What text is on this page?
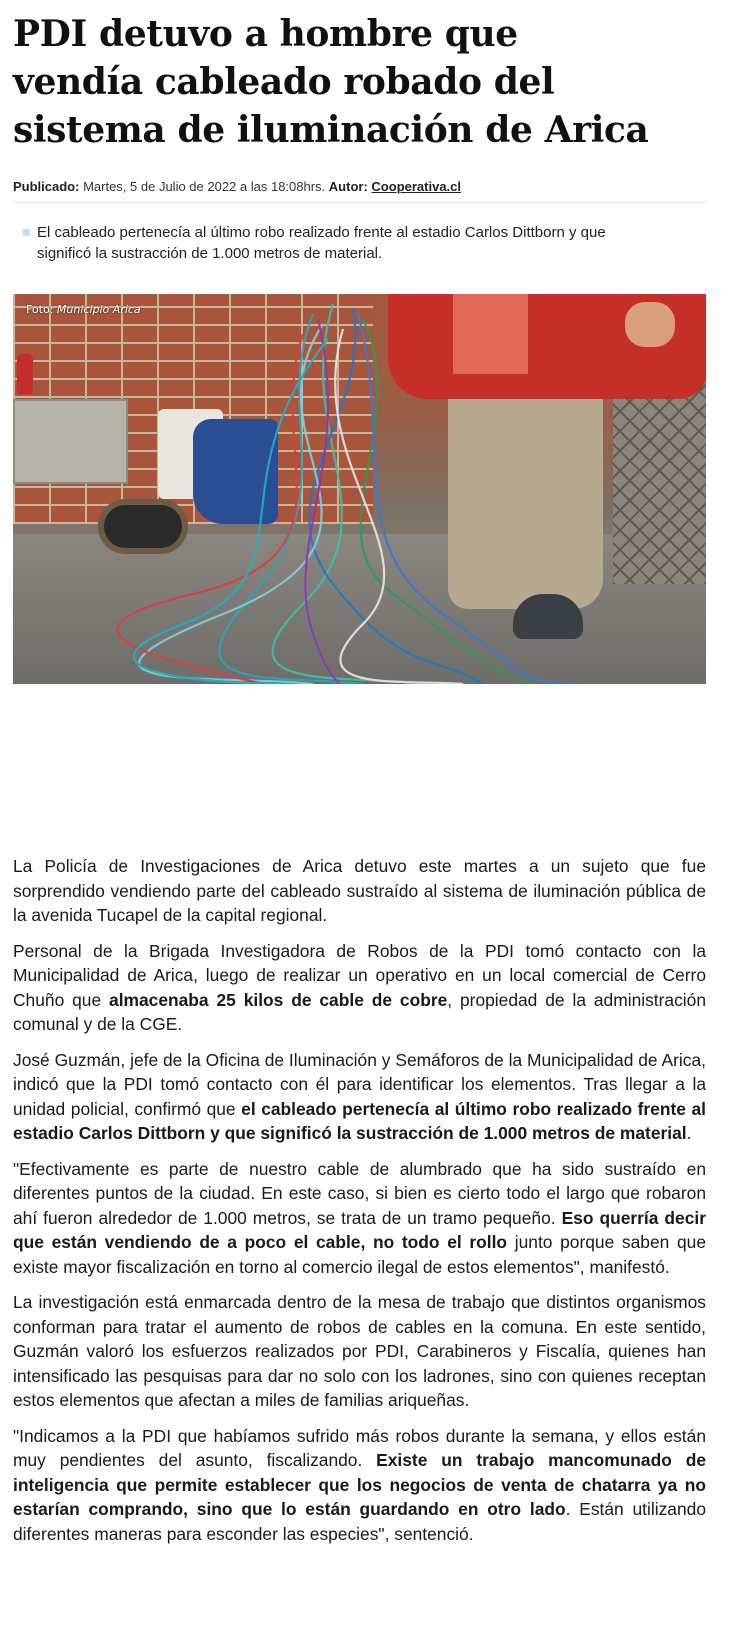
PDI detuvo a hombre que vendía cableado robado del sistema de iluminación de Arica
Publicado: Martes, 5 de Julio de 2022 a las 18:08hrs. Autor: Cooperativa.cl
El cableado pertenecía al último robo realizado frente al estadio Carlos Dittborn y que significó la sustracción de 1.000 metros de material.
Foto: Municipio Arica

La Policía de Investigaciones de Arica detuvo este martes a un sujeto que fue sorprendido vendiendo parte del cableado sustraído al sistema de iluminación pública de la avenida Tucapel de la capital regional.

Personal de la Brigada Investigadora de Robos de la PDI tomó contacto con la Municipalidad de Arica, luego de realizar un operativo en un local comercial de Cerro Chuño que almacenaba 25 kilos de cable de cobre, propiedad de la administración comunal y de la CGE.

José Guzmán, jefe de la Oficina de Iluminación y Semáforos de la Municipalidad de Arica, indicó que la PDI tomó contacto con él para identificar los elementos. Tras llegar a la unidad policial, confirmó que el cableado pertenecía al último robo realizado frente al estadio Carlos Dittborn y que significó la sustracción de 1.000 metros de material.

"Efectivamente es parte de nuestro cable de alumbrado que ha sido sustraído en diferentes puntos de la ciudad. En este caso, si bien es cierto todo el largo que robaron ahí fueron alrededor de 1.000 metros, se trata de un tramo pequeño. Eso querría decir que están vendiendo de a poco el cable, no todo el rollo junto porque saben que existe mayor fiscalización en torno al comercio ilegal de estos elementos", manifestó.

La investigación está enmarcada dentro de la mesa de trabajo que distintos organismos conforman para tratar el aumento de robos de cables en la comuna. En este sentido, Guzmán valoró los esfuerzos realizados por PDI, Carabineros y Fiscalía, quienes han intensificado las pesquisas para dar no solo con los ladrones, sino con quienes receptan estos elementos que afectan a miles de familias ariqueñas.

"Indicamos a la PDI que habíamos sufrido más robos durante la semana, y ellos están muy pendientes del asunto, fiscalizando. Existe un trabajo mancomunado de inteligencia que permite establecer que los negocios de venta de chatarra ya no estarían comprando, sino que lo están guardando en otro lado. Están utilizando diferentes maneras para esconder las especies", sentenció.
